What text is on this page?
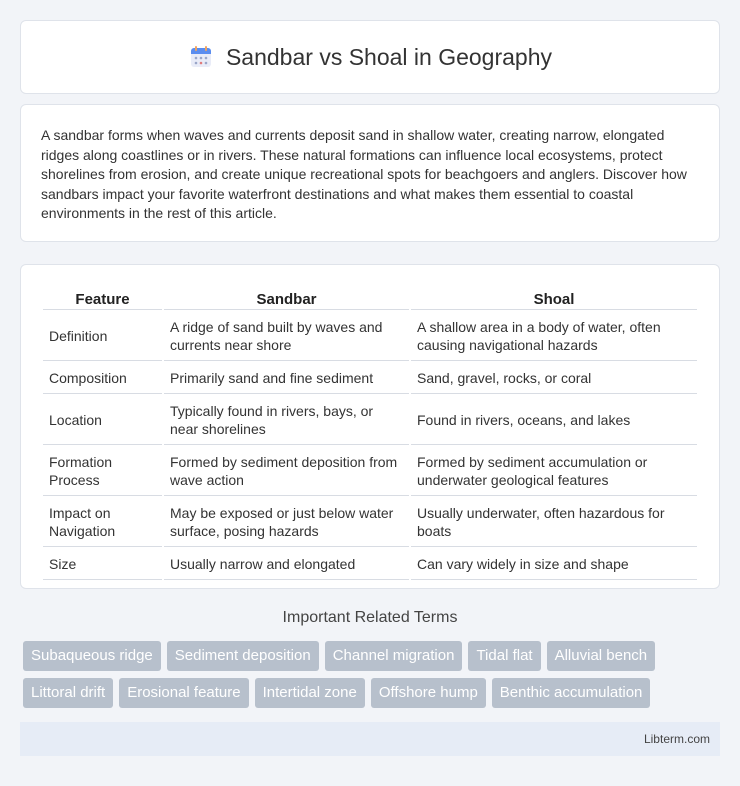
Sandbar vs Shoal in Geography

A sandbar forms when waves and currents deposit sand in shallow water, creating narrow, elongated ridges along coastlines or in rivers. These natural formations can influence local ecosystems, protect shorelines from erosion, and create unique recreational spots for beachgoers and anglers. Discover how sandbars impact your favorite waterfront destinations and what makes them essential to coastal environments in the rest of this article.

Feature	Sandbar	Shoal
Definition	A ridge of sand built by waves and currents near shore	A shallow area in a body of water, often causing navigational hazards
Composition	Primarily sand and fine sediment	Sand, gravel, rocks, or coral
Location	Typically found in rivers, bays, or near shorelines	Found in rivers, oceans, and lakes
Formation Process	Formed by sediment deposition from wave action	Formed by sediment accumulation or underwater geological features
Impact on Navigation	May be exposed or just below water surface, posing hazards	Usually underwater, often hazardous for boats
Size	Usually narrow and elongated	Can vary widely in size and shape
Important Related Terms
Subaqueous ridge	Sediment deposition	Channel migration	Tidal flat	Alluvial bench
Littoral drift	Erosional feature	Intertidal zone	Offshore hump	Benthic accumulation
Libterm.com
